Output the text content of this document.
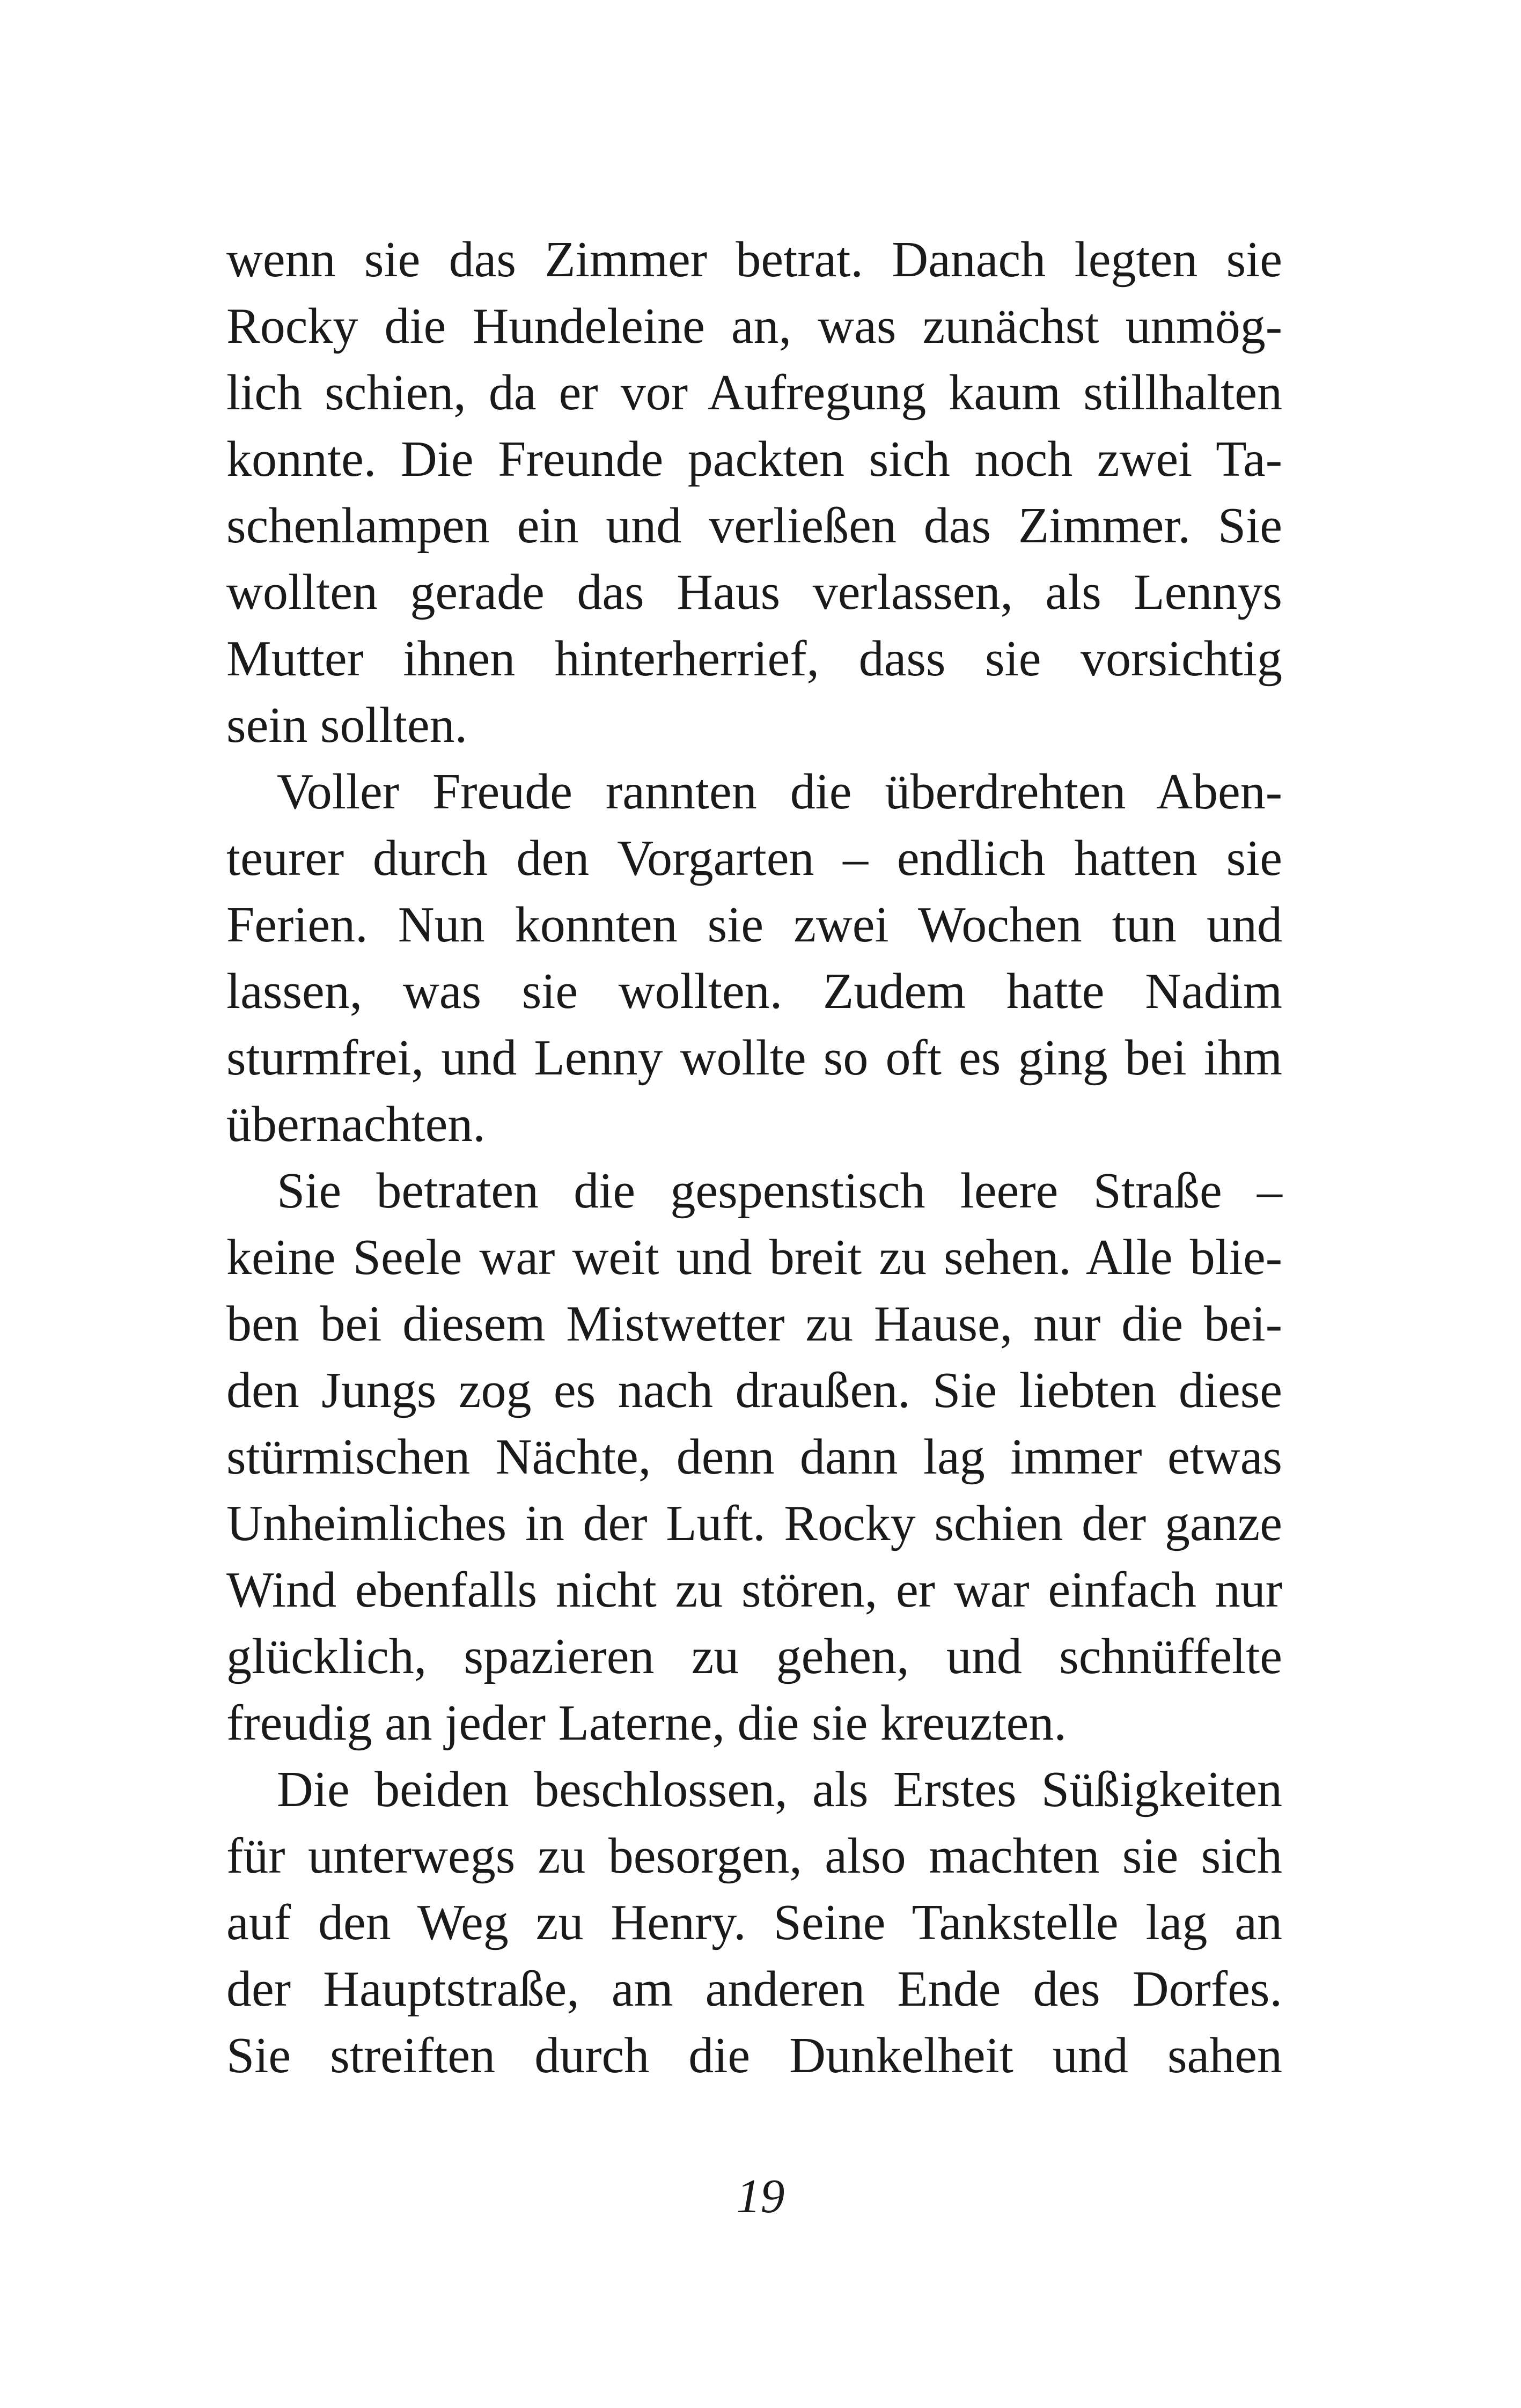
wenn sie das Zimmer betrat. Danach legten sie
Rocky die Hundeleine an, was zunächst unmög-
lich schien, da er vor Aufregung kaum stillhalten
konnte. Die Freunde packten sich noch zwei Ta-
schenlampen ein und verließen das Zimmer. Sie
wollten gerade das Haus verlassen, als Lennys
Mutter ihnen hinterherrief, dass sie vorsichtig
sein sollten.
Voller Freude rannten die überdrehten Aben-
teurer durch den Vorgarten – endlich hatten sie
Ferien. Nun konnten sie zwei Wochen tun und
lassen, was sie wollten. Zudem hatte Nadim
sturmfrei, und Lenny wollte so oft es ging bei ihm
übernachten.
Sie betraten die gespenstisch leere Straße –
keine Seele war weit und breit zu sehen. Alle blie-
ben bei diesem Mistwetter zu Hause, nur die bei-
den Jungs zog es nach draußen. Sie liebten diese
stürmischen Nächte, denn dann lag immer etwas
Unheimliches in der Luft. Rocky schien der ganze
Wind ebenfalls nicht zu stören, er war einfach nur
glücklich, spazieren zu gehen, und schnüffelte
freudig an jeder Laterne, die sie kreuzten.
Die beiden beschlossen, als Erstes Süßigkeiten
für unterwegs zu besorgen, also machten sie sich
auf den Weg zu Henry. Seine Tankstelle lag an
der Hauptstraße, am anderen Ende des Dorfes.
Sie streiften durch die Dunkelheit und sahen
19
